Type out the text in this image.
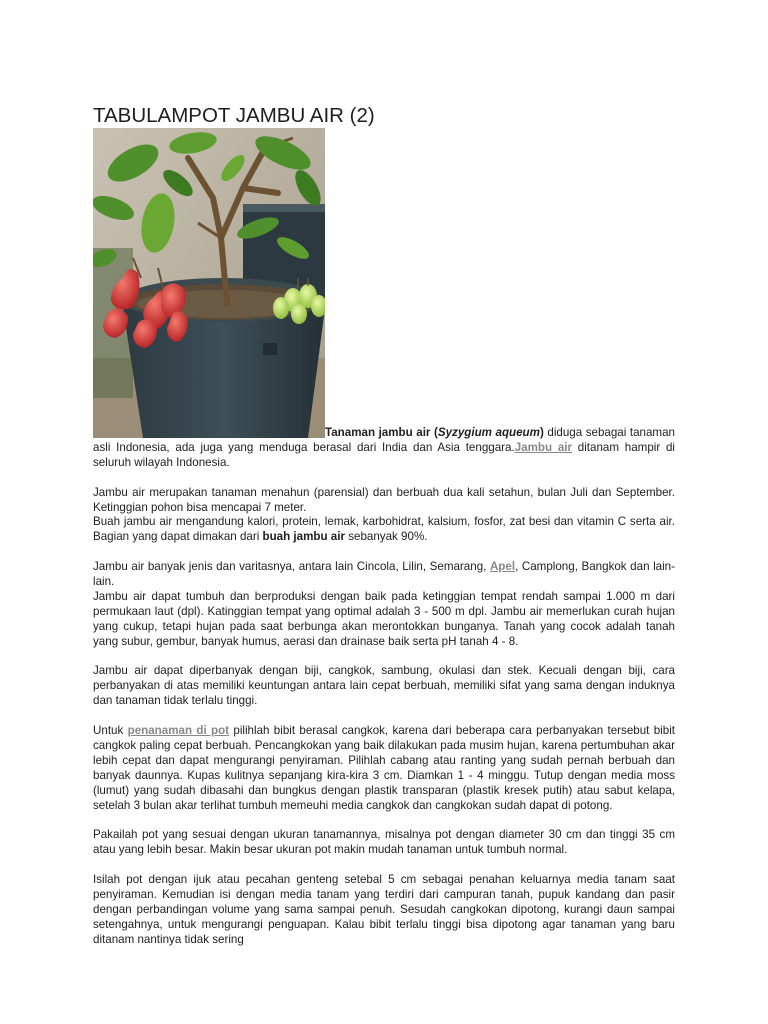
TABULAMPOT JAMBU AIR (2)

Tanaman jambu air (Syzygium aqueum) diduga sebagai tanaman asli Indonesia, ada juga yang menduga berasal dari India dan Asia tenggara.Jambu air ditanam hampir di seluruh wilayah Indonesia.

Jambu air merupakan tanaman menahun (parensial) dan berbuah dua kali setahun, bulan Juli dan September. Ketinggian pohon bisa mencapai 7 meter.
Buah jambu air mengandung kalori, protein, lemak, karbohidrat, kalsium, fosfor, zat besi dan vitamin C serta air. Bagian yang dapat dimakan dari buah jambu air sebanyak 90%.

Jambu air banyak jenis dan varitasnya, antara lain Cincola, Lilin, Semarang, Apel, Camplong, Bangkok dan lain-lain.
Jambu air dapat tumbuh dan berproduksi dengan baik pada ketinggian tempat rendah sampai 1.000 m dari permukaan laut (dpl). Katinggian tempat yang optimal adalah 3 - 500 m dpl. Jambu air memerlukan curah hujan yang cukup, tetapi hujan pada saat berbunga akan merontokkan bunganya. Tanah yang cocok adalah tanah yang subur, gembur, banyak humus, aerasi dan drainase baik serta pH tanah 4 - 8.

Jambu air dapat diperbanyak dengan biji, cangkok, sambung, okulasi dan stek. Kecuali dengan biji, cara perbanyakan di atas memiliki keuntungan antara lain cepat berbuah, memiliki sifat yang sama dengan induknya dan tanaman tidak terlalu tinggi.

Untuk penanaman di pot pilihlah bibit berasal cangkok, karena dari beberapa cara perbanyakan tersebut bibit cangkok paling cepat berbuah. Pencangkokan yang baik dilakukan pada musim hujan, karena pertumbuhan akar lebih cepat dan dapat mengurangi penyiraman. Pilihlah cabang atau ranting yang sudah pernah berbuah dan banyak daunnya. Kupas kulitnya sepanjang kira-kira 3 cm. Diamkan 1 - 4 minggu. Tutup dengan media moss (lumut) yang sudah dibasahi dan bungkus dengan plastik transparan (plastik kresek putih) atau sabut kelapa, setelah 3 bulan akar terlihat tumbuh memeuhi media cangkok dan cangkokan sudah dapat di potong.

Pakailah pot yang sesuai dengan ukuran tanamannya, misalnya pot dengan diameter 30 cm dan tinggi 35 cm atau yang lebih besar. Makin besar ukuran pot makin mudah tanaman untuk tumbuh normal.

Isilah pot dengan ijuk atau pecahan genteng setebal 5 cm sebagai penahan keluarnya media tanam saat penyiraman. Kemudian isi dengan media tanam yang terdiri dari campuran tanah, pupuk kandang dan pasir dengan perbandingan volume yang sama sampai penuh. Sesudah cangkokan dipotong, kurangi daun sampai setengahnya, untuk mengurangi penguapan. Kalau bibit terlalu tinggi bisa dipotong agar tanaman yang baru ditanam nantinya tidak sering
